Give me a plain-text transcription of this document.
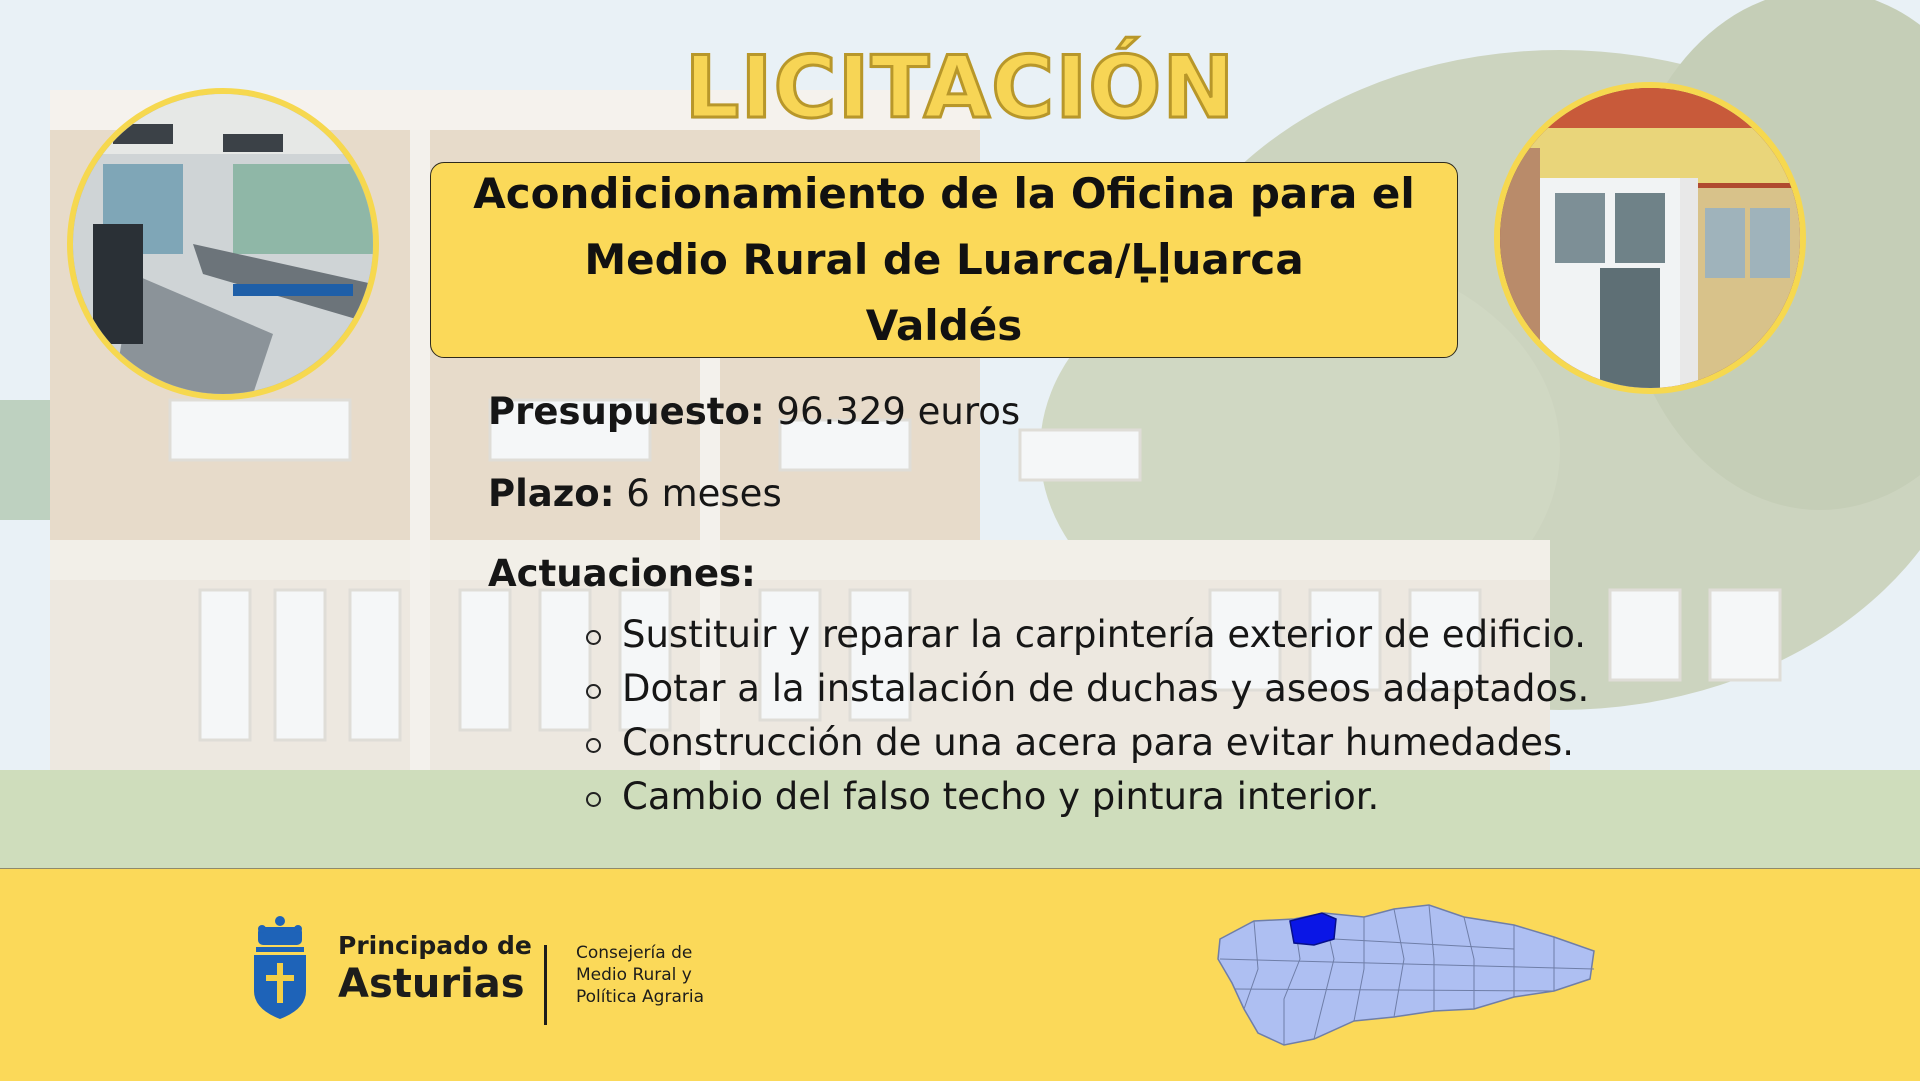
LICITACIÓN
Acondicionamiento de la Oficina para el
Medio Rural de Luarca/Ḷḷuarca
Valdés
Presupuesto: 96.329 euros
Plazo: 6 meses
Actuaciones:
Sustituir y reparar la carpintería exterior de edificio.
Dotar a la instalación de duchas y aseos adaptados.
Construcción de una acera para evitar humedades.
Cambio del falso techo y pintura interior.
Principado de
Asturias
Consejería de
Medio Rural y
Política Agraria
